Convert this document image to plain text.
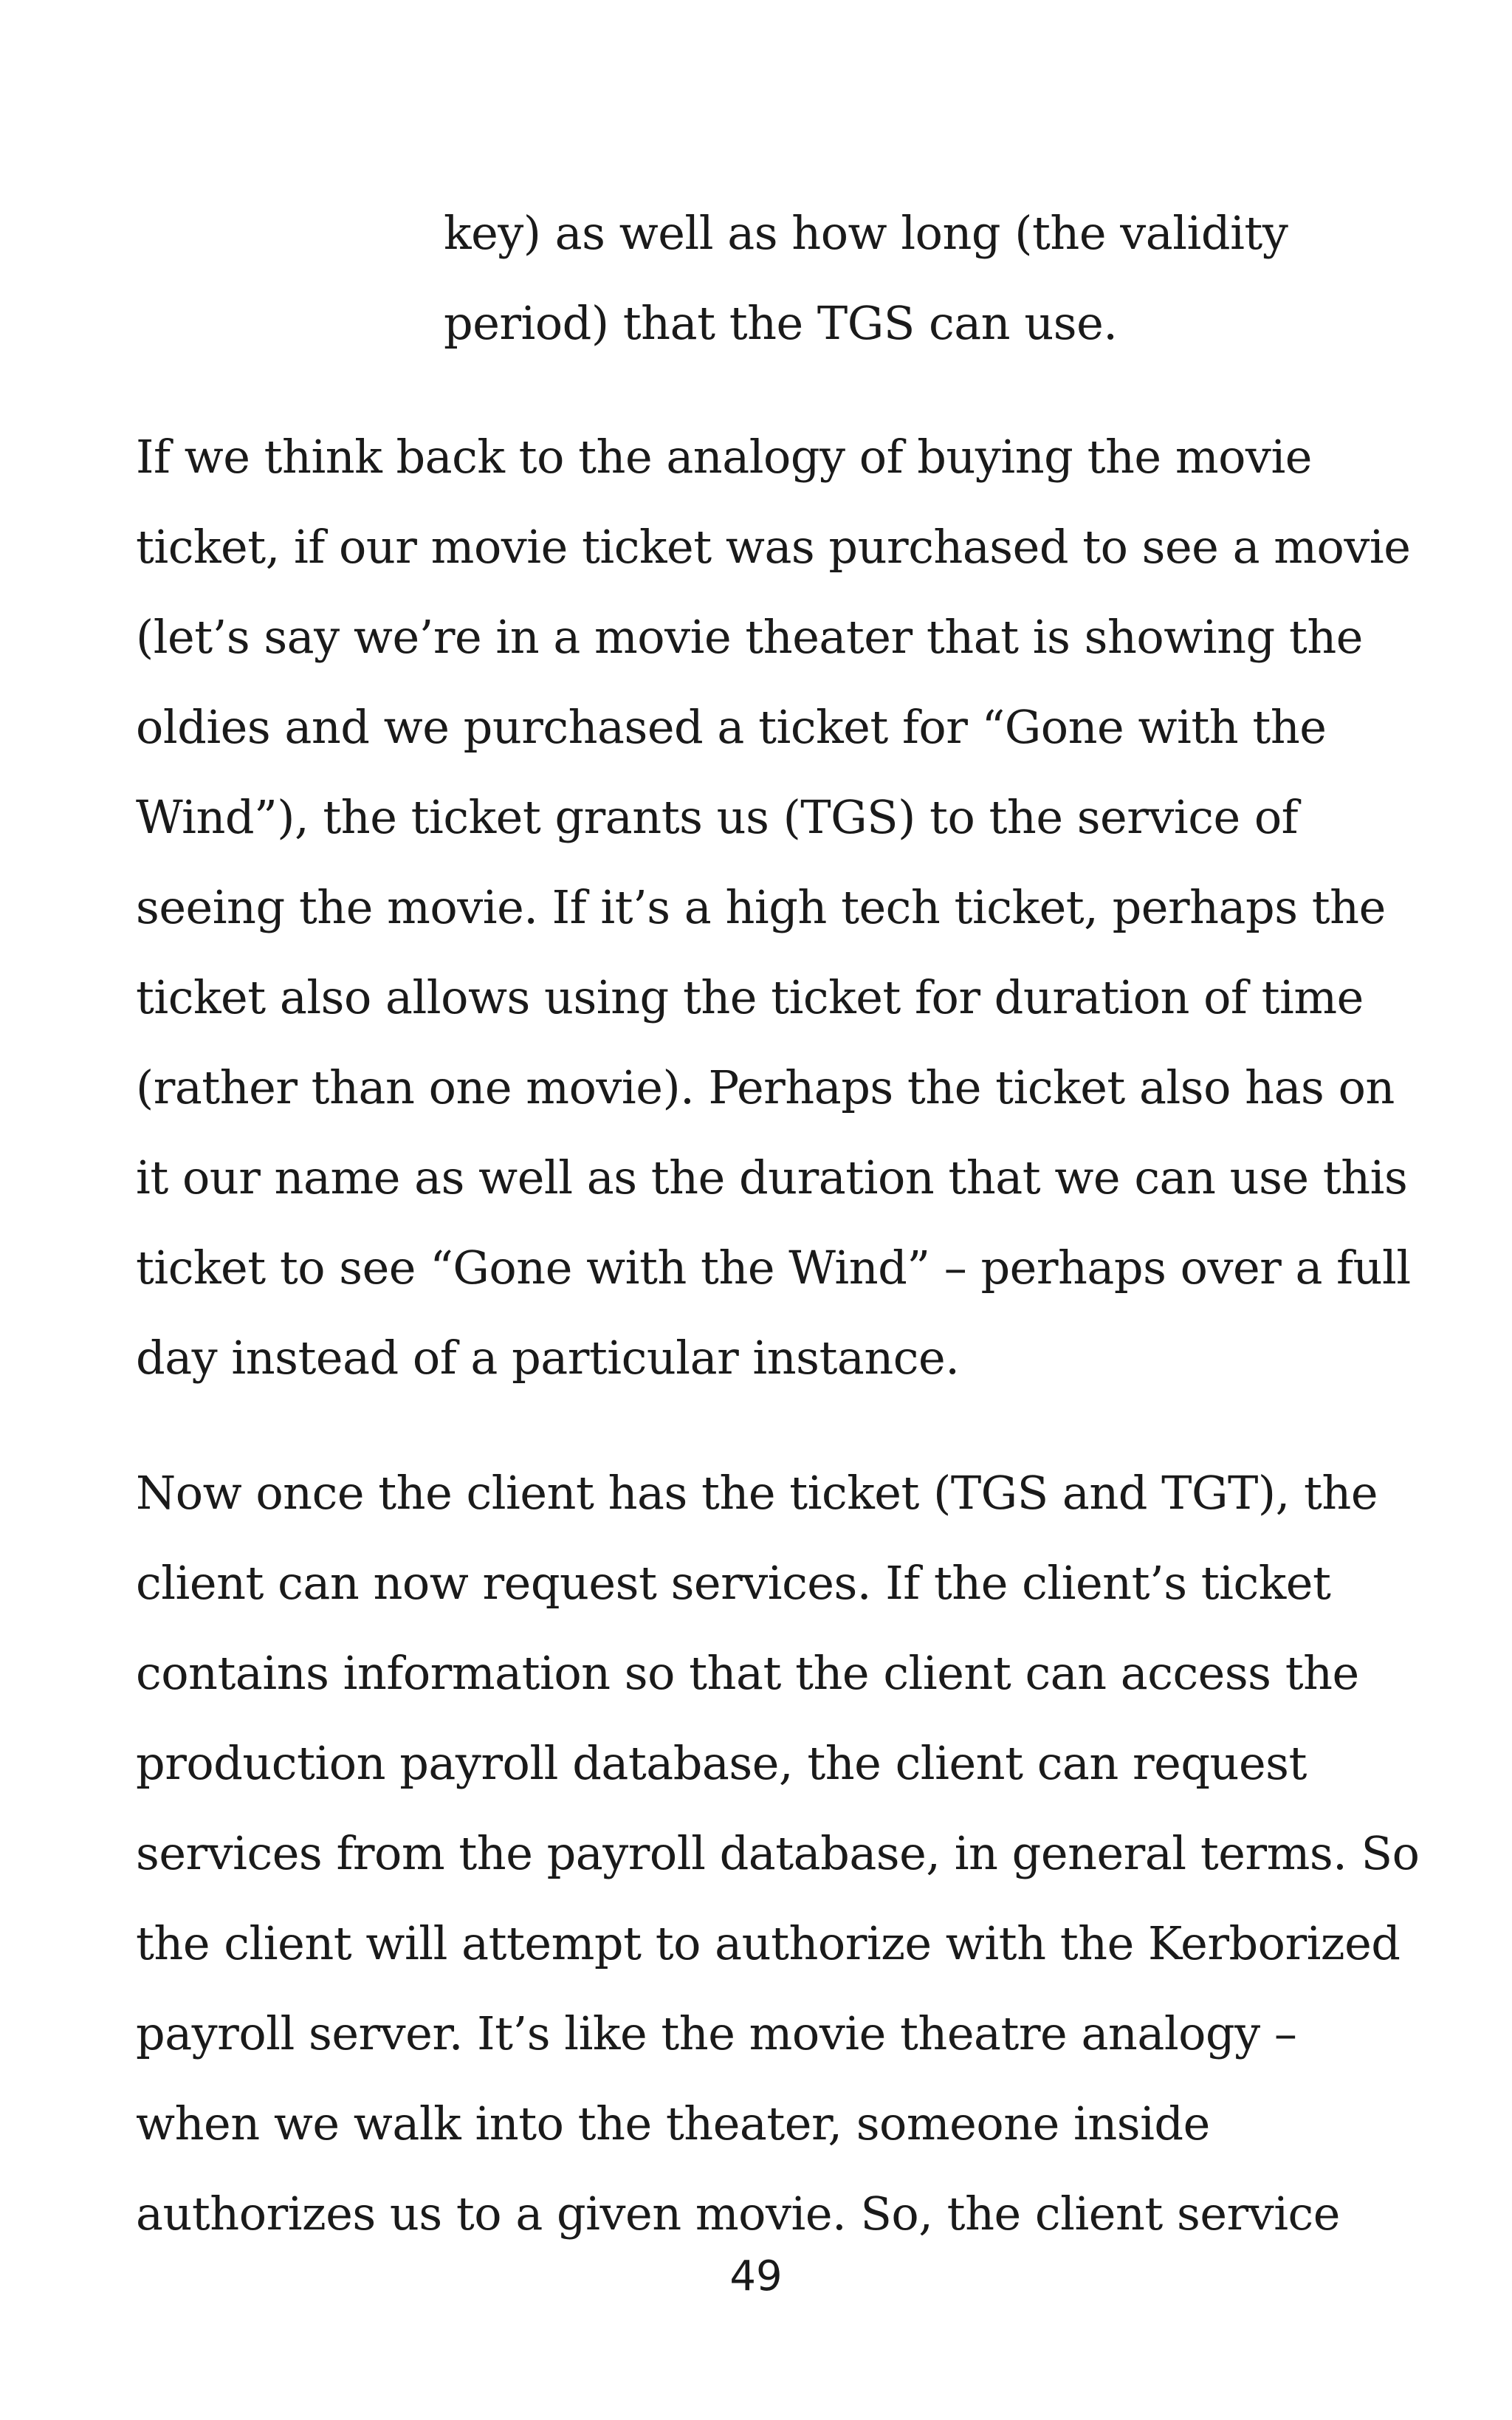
key) as well as how long (the validity
period) that the TGS can use.
If we think back to the analogy of buying the movie
ticket, if our movie ticket was purchased to see a movie
(let’s say we’re in a movie theater that is showing the
oldies and we purchased a ticket for “Gone with the
Wind”), the ticket grants us (TGS) to the service of
seeing the movie. If it’s a high tech ticket, perhaps the
ticket also allows using the ticket for duration of time
(rather than one movie). Perhaps the ticket also has on
it our name as well as the duration that we can use this
ticket to see “Gone with the Wind” – perhaps over a full
day instead of a particular instance.
Now once the client has the ticket (TGS and TGT), the
client can now request services. If the client’s ticket
contains information so that the client can access the
production payroll database, the client can request
services from the payroll database, in general terms. So
the client will attempt to authorize with the Kerborized
payroll server. It’s like the movie theatre analogy –
when we walk into the theater, someone inside
authorizes us to a given movie. So, the client service
49
